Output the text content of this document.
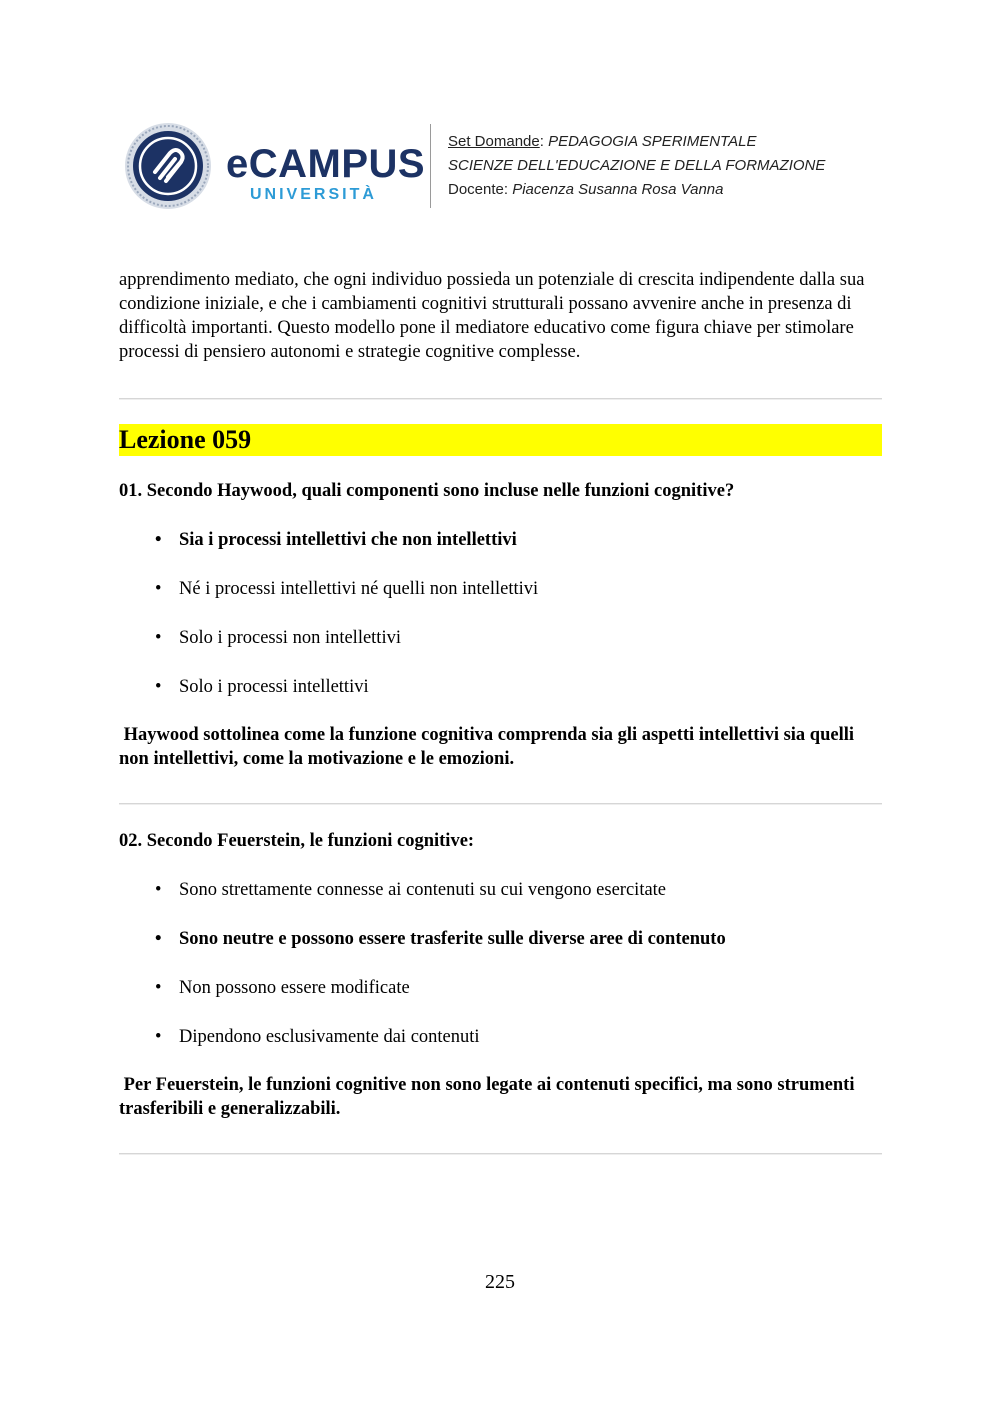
eCAMPUS
UNIVERSITÀ
Set Domande: PEDAGOGIA SPERIMENTALE
SCIENZE DELL'EDUCAZIONE E DELLA FORMAZIONE
Docente: Piacenza Susanna Rosa Vanna

apprendimento mediato, che ogni individuo possieda un potenziale di crescita indipendente dalla sua condizione iniziale, e che i cambiamenti cognitivi strutturali possano avvenire anche in presenza di difficoltà importanti. Questo modello pone il mediatore educativo come figura chiave per stimolare processi di pensiero autonomi e strategie cognitive complesse.

Lezione 059

01. Secondo Haywood, quali componenti sono incluse nelle funzioni cognitive?

• Sia i processi intellettivi che non intellettivi
• Né i processi intellettivi né quelli non intellettivi
• Solo i processi non intellettivi
• Solo i processi intellettivi

Haywood sottolinea come la funzione cognitiva comprenda sia gli aspetti intellettivi sia quelli non intellettivi, come la motivazione e le emozioni.

02. Secondo Feuerstein, le funzioni cognitive:

• Sono strettamente connesse ai contenuti su cui vengono esercitate
• Sono neutre e possono essere trasferite sulle diverse aree di contenuto
• Non possono essere modificate
• Dipendono esclusivamente dai contenuti

Per Feuerstein, le funzioni cognitive non sono legate ai contenuti specifici, ma sono strumenti trasferibili e generalizzabili.

225
